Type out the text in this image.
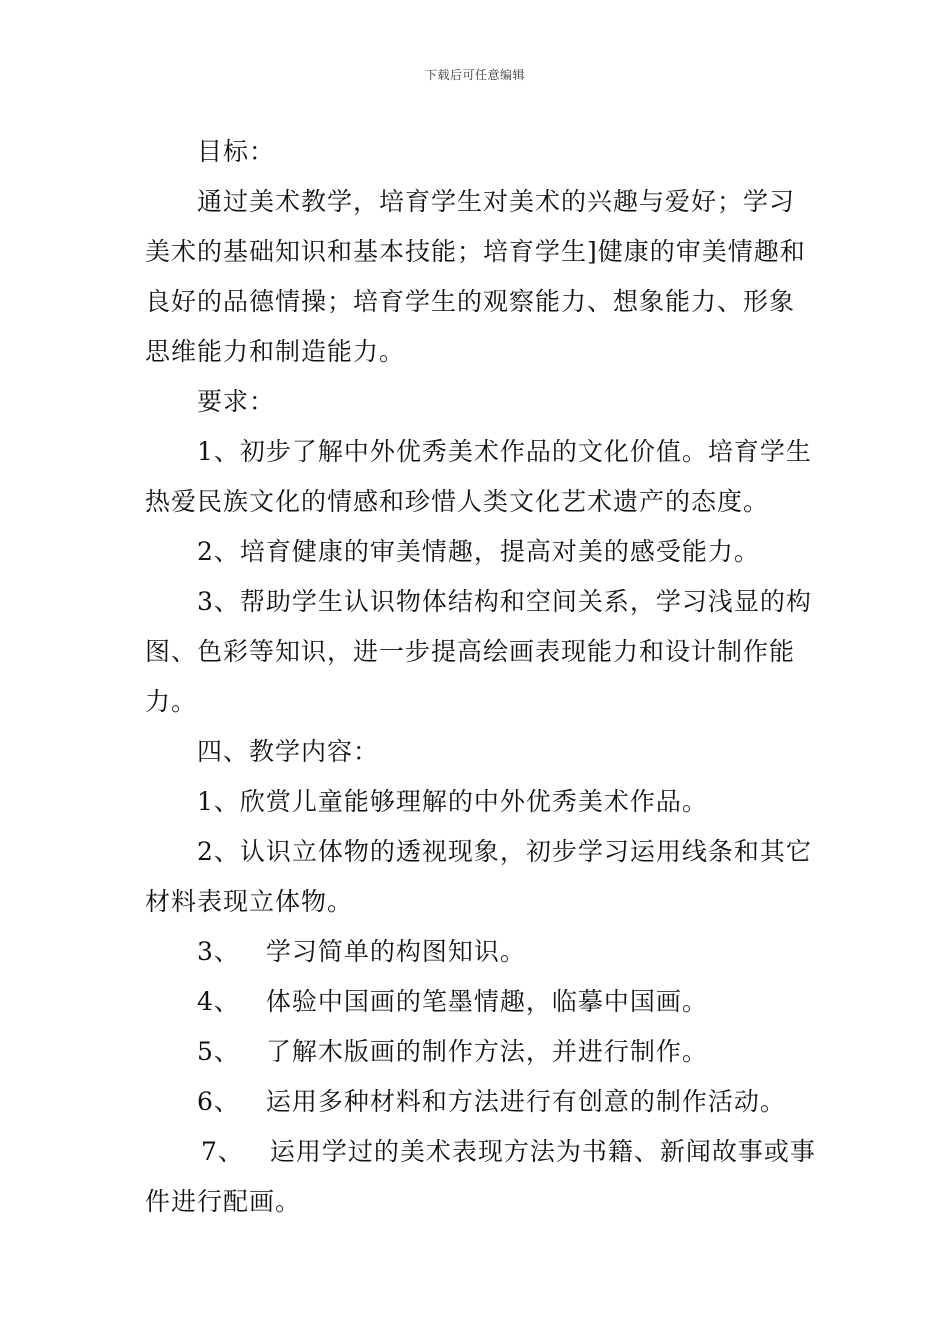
下载后可任意编辑
目标：
通过美术教学，培育学生对美术的兴趣与爱好；学习
美术的基础知识和基本技能；培育学生]健康的审美情趣和
良好的品德情操；培育学生的观察能力、想象能力、形象
思维能力和制造能力。
要求：
1、初步了解中外优秀美术作品的文化价值。培育学生
热爱民族文化的情感和珍惜人类文化艺术遗产的态度。
2、培育健康的审美情趣，提高对美的感受能力。
3、帮助学生认识物体结构和空间关系，学习浅显的构
图、色彩等知识，进一步提高绘画表现能力和设计制作能
力。
四、教学内容：
1、欣赏儿童能够理解的中外优秀美术作品。
2、认识立体物的透视现象，初步学习运用线条和其它
材料表现立体物。
3、 学习简单的构图知识。
4、 体验中国画的笔墨情趣，临摹中国画。
5、 了解木版画的制作方法，并进行制作。
6、 运用多种材料和方法进行有创意的制作活动。
7、 运用学过的美术表现方法为书籍、新闻故事或事
件进行配画。
